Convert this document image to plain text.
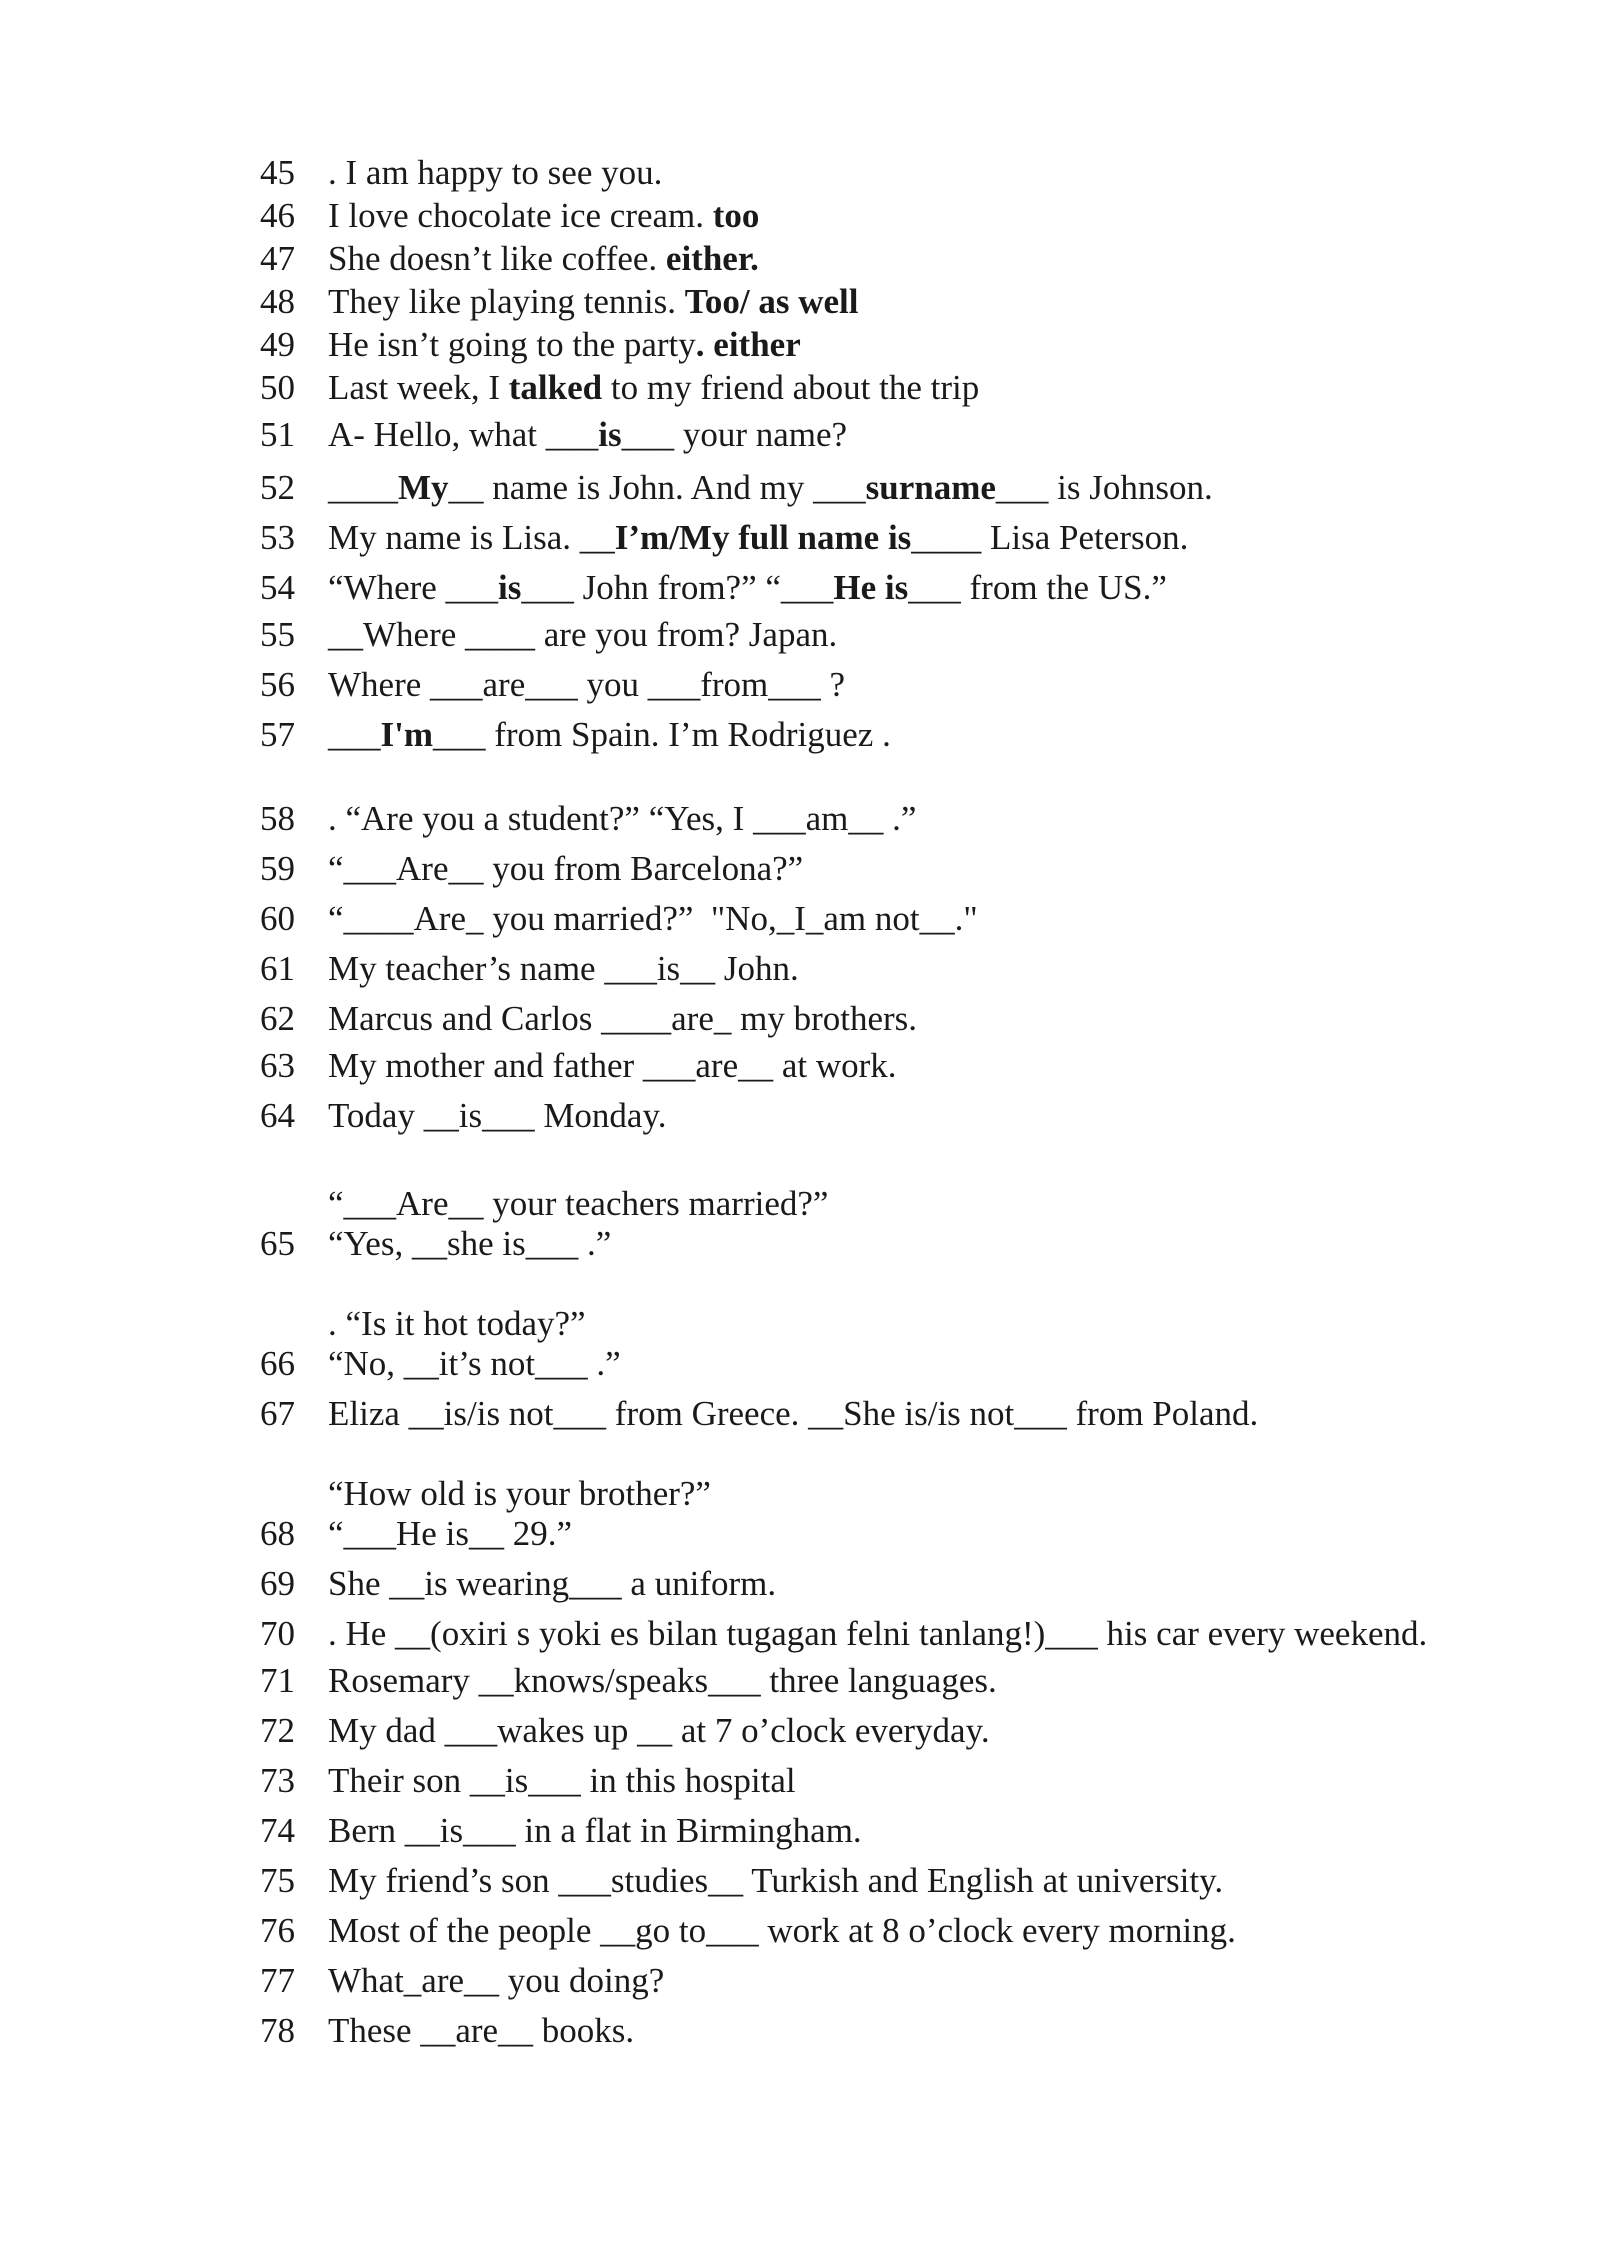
45 . I am happy to see you.
46 I love chocolate ice cream. too
47 She doesn’t like coffee. either.
48 They like playing tennis. Too/ as well
49 He isn’t going to the party. either
50 Last week, I talked to my friend about the trip
51 A- Hello, what ___is___ your name?
52 ____My__ name is John. And my ___surname___ is Johnson.
53 My name is Lisa. __I’m/My full name is____ Lisa Peterson.
54 “Where ___is___ John from?” “___He is___ from the US.”
55 __Where ____ are you from? Japan.
56 Where ___are___ you ___from___ ?
57 ___I'm___ from Spain. I’m Rodriguez .
58 . “Are you a student?” “Yes, I ___am__ .”
59 “___Are__ you from Barcelona?”
60 “____Are_ you married?”  "No,_I_am not__."
61 My teacher’s name ___is__ John.
62 Marcus and Carlos ____are_ my brothers.
63 My mother and father ___are__ at work.
64 Today __is___ Monday.
65
“___Are__ your teachers married?”
“Yes, __she is___ .”
66
. “Is it hot today?”
“No, __it’s not___ .”
67 Eliza __is/is not___ from Greece. __She is/is not___ from Poland.
68
“How old is your brother?”
“___He is__ 29.”
69 She __is wearing___ a uniform.
70 . He __(oxiri s yoki es bilan tugagan felni tanlang!)___ his car every weekend.
71 Rosemary __knows/speaks___ three languages.
72 My dad ___wakes up __ at 7 o’clock everyday.
73 Their son __is___ in this hospital
74 Bern __is___ in a flat in Birmingham.
75 My friend’s son ___studies__ Turkish and English at university.
76 Most of the people __go to___ work at 8 o’clock every morning.
77 What_are__ you doing?
78 These __are__ books.
